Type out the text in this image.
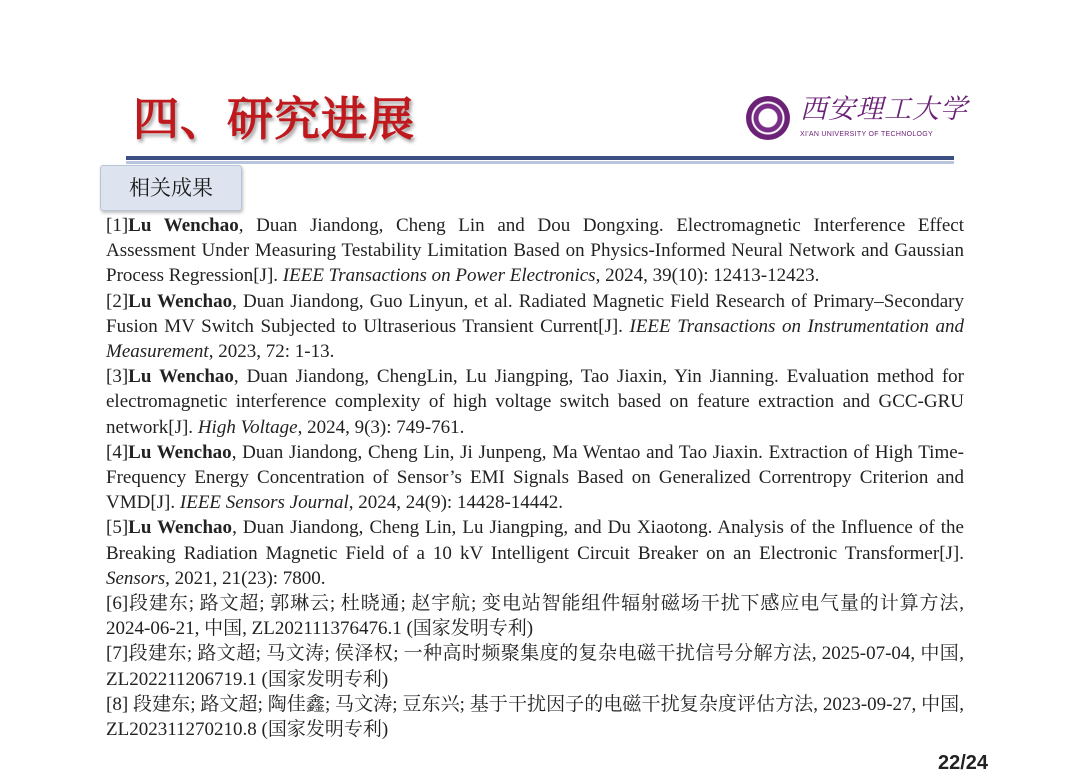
四、研究进展	西安理工大学
XI'AN UNIVERSITY OF TECHNOLOGY
相关成果

[1]Lu Wenchao, Duan Jiandong, Cheng Lin and Dou Dongxing. Electromagnetic Interference Effect Assessment Under Measuring Testability Limitation Based on Physics-Informed Neural Network and Gaussian Process Regression[J]. IEEE Transactions on Power Electronics, 2024, 39(10): 12413-12423.

[2]Lu Wenchao, Duan Jiandong, Guo Linyun, et al. Radiated Magnetic Field Research of Primary–Secondary Fusion MV Switch Subjected to Ultraserious Transient Current[J]. IEEE Transactions on Instrumentation and Measurement, 2023, 72: 1-13.

[3]Lu Wenchao, Duan Jiandong, ChengLin, Lu Jiangping, Tao Jiaxin, Yin Jianning. Evaluation method for electromagnetic interference complexity of high voltage switch based on feature extraction and GCC-GRU network[J]. High Voltage, 2024, 9(3): 749-761.

[4]Lu Wenchao, Duan Jiandong, Cheng Lin, Ji Junpeng, Ma Wentao and Tao Jiaxin. Extraction of High Time-Frequency Energy Concentration of Sensor’s EMI Signals Based on Generalized Correntropy Criterion and VMD[J]. IEEE Sensors Journal, 2024, 24(9): 14428-14442.

[5]Lu Wenchao, Duan Jiandong, Cheng Lin, Lu Jiangping, and Du Xiaotong. Analysis of the Influence of the Breaking Radiation Magnetic Field of a 10 kV Intelligent Circuit Breaker on an Electronic Transformer[J]. Sensors, 2021, 21(23): 7800.

[6]段建东; 路文超; 郭琳云; 杜晓通; 赵宇航; 变电站智能组件辐射磁场干扰下感应电气量的计算方法, 2024-06-21, 中国, ZL202111376476.1 (国家发明专利)

[7]段建东; 路文超; 马文涛; 侯泽权; 一种高时频聚集度的复杂电磁干扰信号分解方法, 2025-07-04, 中国, ZL202211206719.1 (国家发明专利)

[8] 段建东; 路文超; 陶佳鑫; 马文涛; 豆东兴; 基于干扰因子的电磁干扰复杂度评估方法, 2023-09-27, 中国, ZL202311270210.8 (国家发明专利)

22/24
